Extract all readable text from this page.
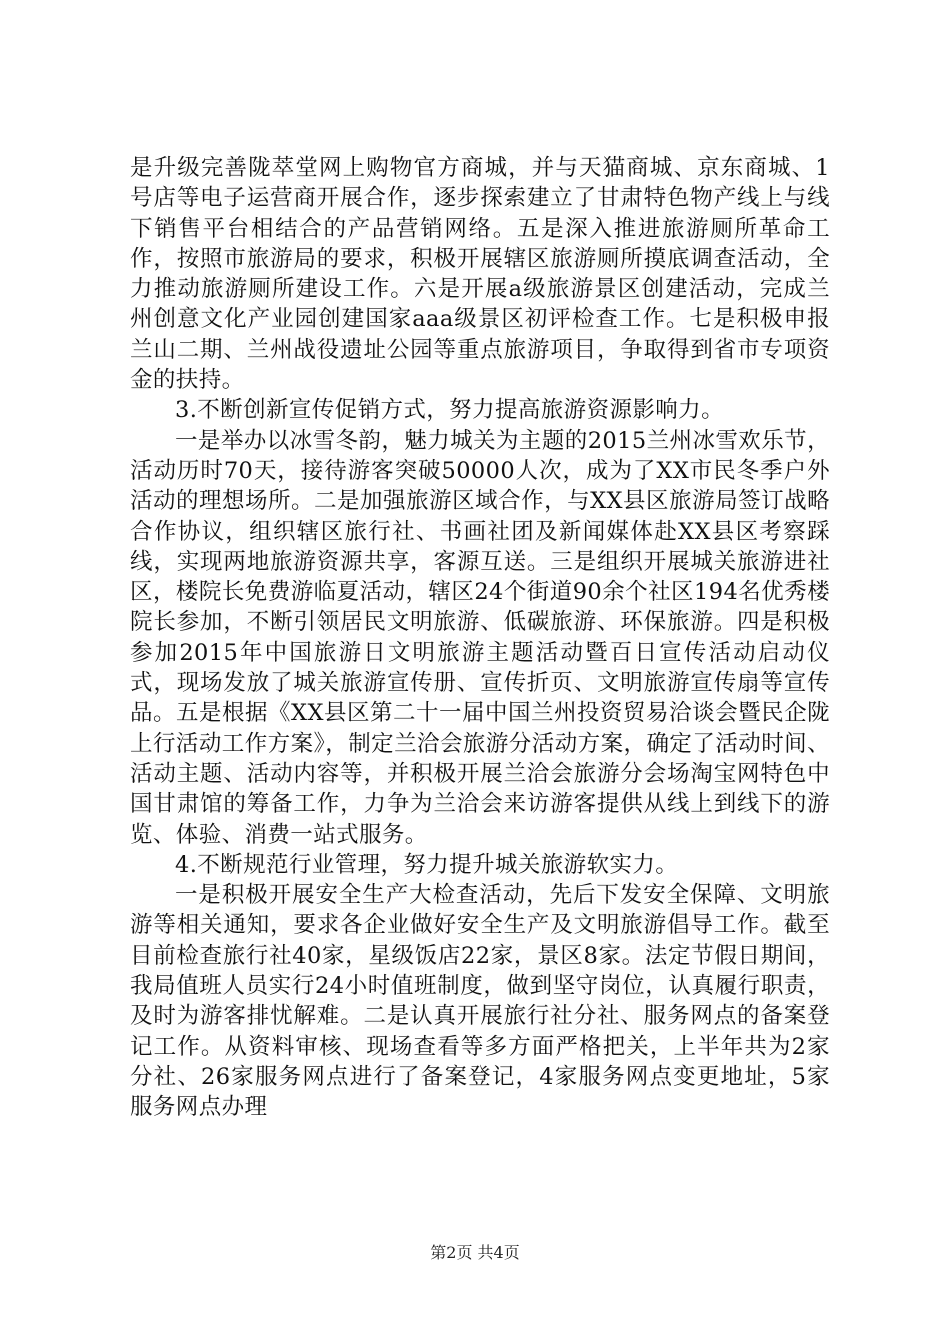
是升级完善陇萃堂网上购物官方商城，并与天猫商城、京东商城、1号店等电子运营商开展合作，逐步探索建立了甘肃特色物产线上与线下销售平台相结合的产品营销网络。五是深入推进旅游厕所革命工作，按照市旅游局的要求，积极开展辖区旅游厕所摸底调查活动，全力推动旅游厕所建设工作。六是开展a级旅游景区创建活动，完成兰州创意文化产业园创建国家aaa级景区初评检查工作。七是积极申报兰山二期、兰州战役遗址公园等重点旅游项目，争取得到省市专项资金的扶持。

3.不断创新宣传促销方式，努力提高旅游资源影响力。

一是举办以冰雪冬韵，魅力城关为主题的2015兰州冰雪欢乐节，活动历时70天，接待游客突破50000人次，成为了XX市民冬季户外活动的理想场所。二是加强旅游区域合作，与XX县区旅游局签订战略合作协议，组织辖区旅行社、书画社团及新闻媒体赴XX县区考察踩线，实现两地旅游资源共享，客源互送。三是组织开展城关旅游进社区，楼院长免费游临夏活动，辖区24个街道90余个社区194名优秀楼院长参加，不断引领居民文明旅游、低碳旅游、环保旅游。四是积极参加2015年中国旅游日文明旅游主题活动暨百日宣传活动启动仪式，现场发放了城关旅游宣传册、宣传折页、文明旅游宣传扇等宣传品。五是根据《XX县区第二十一届中国兰州投资贸易洽谈会暨民企陇上行活动工作方案》，制定兰洽会旅游分活动方案，确定了活动时间、活动主题、活动内容等，并积极开展兰洽会旅游分会场淘宝网特色中国甘肃馆的筹备工作，力争为兰洽会来访游客提供从线上到线下的游览、体验、消费一站式服务。

4.不断规范行业管理，努力提升城关旅游软实力。

一是积极开展安全生产大检查活动，先后下发安全保障、文明旅游等相关通知，要求各企业做好安全生产及文明旅游倡导工作。截至目前检查旅行社40家，星级饭店22家，景区8家。法定节假日期间，我局值班人员实行24小时值班制度，做到坚守岗位，认真履行职责，及时为游客排忧解难。二是认真开展旅行社分社、服务网点的备案登记工作。从资料审核、现场查看等多方面严格把关，上半年共为2家分社、26家服务网点进行了备案登记，4家服务网点变更地址，5家服务网点办理

第2页 共4页
